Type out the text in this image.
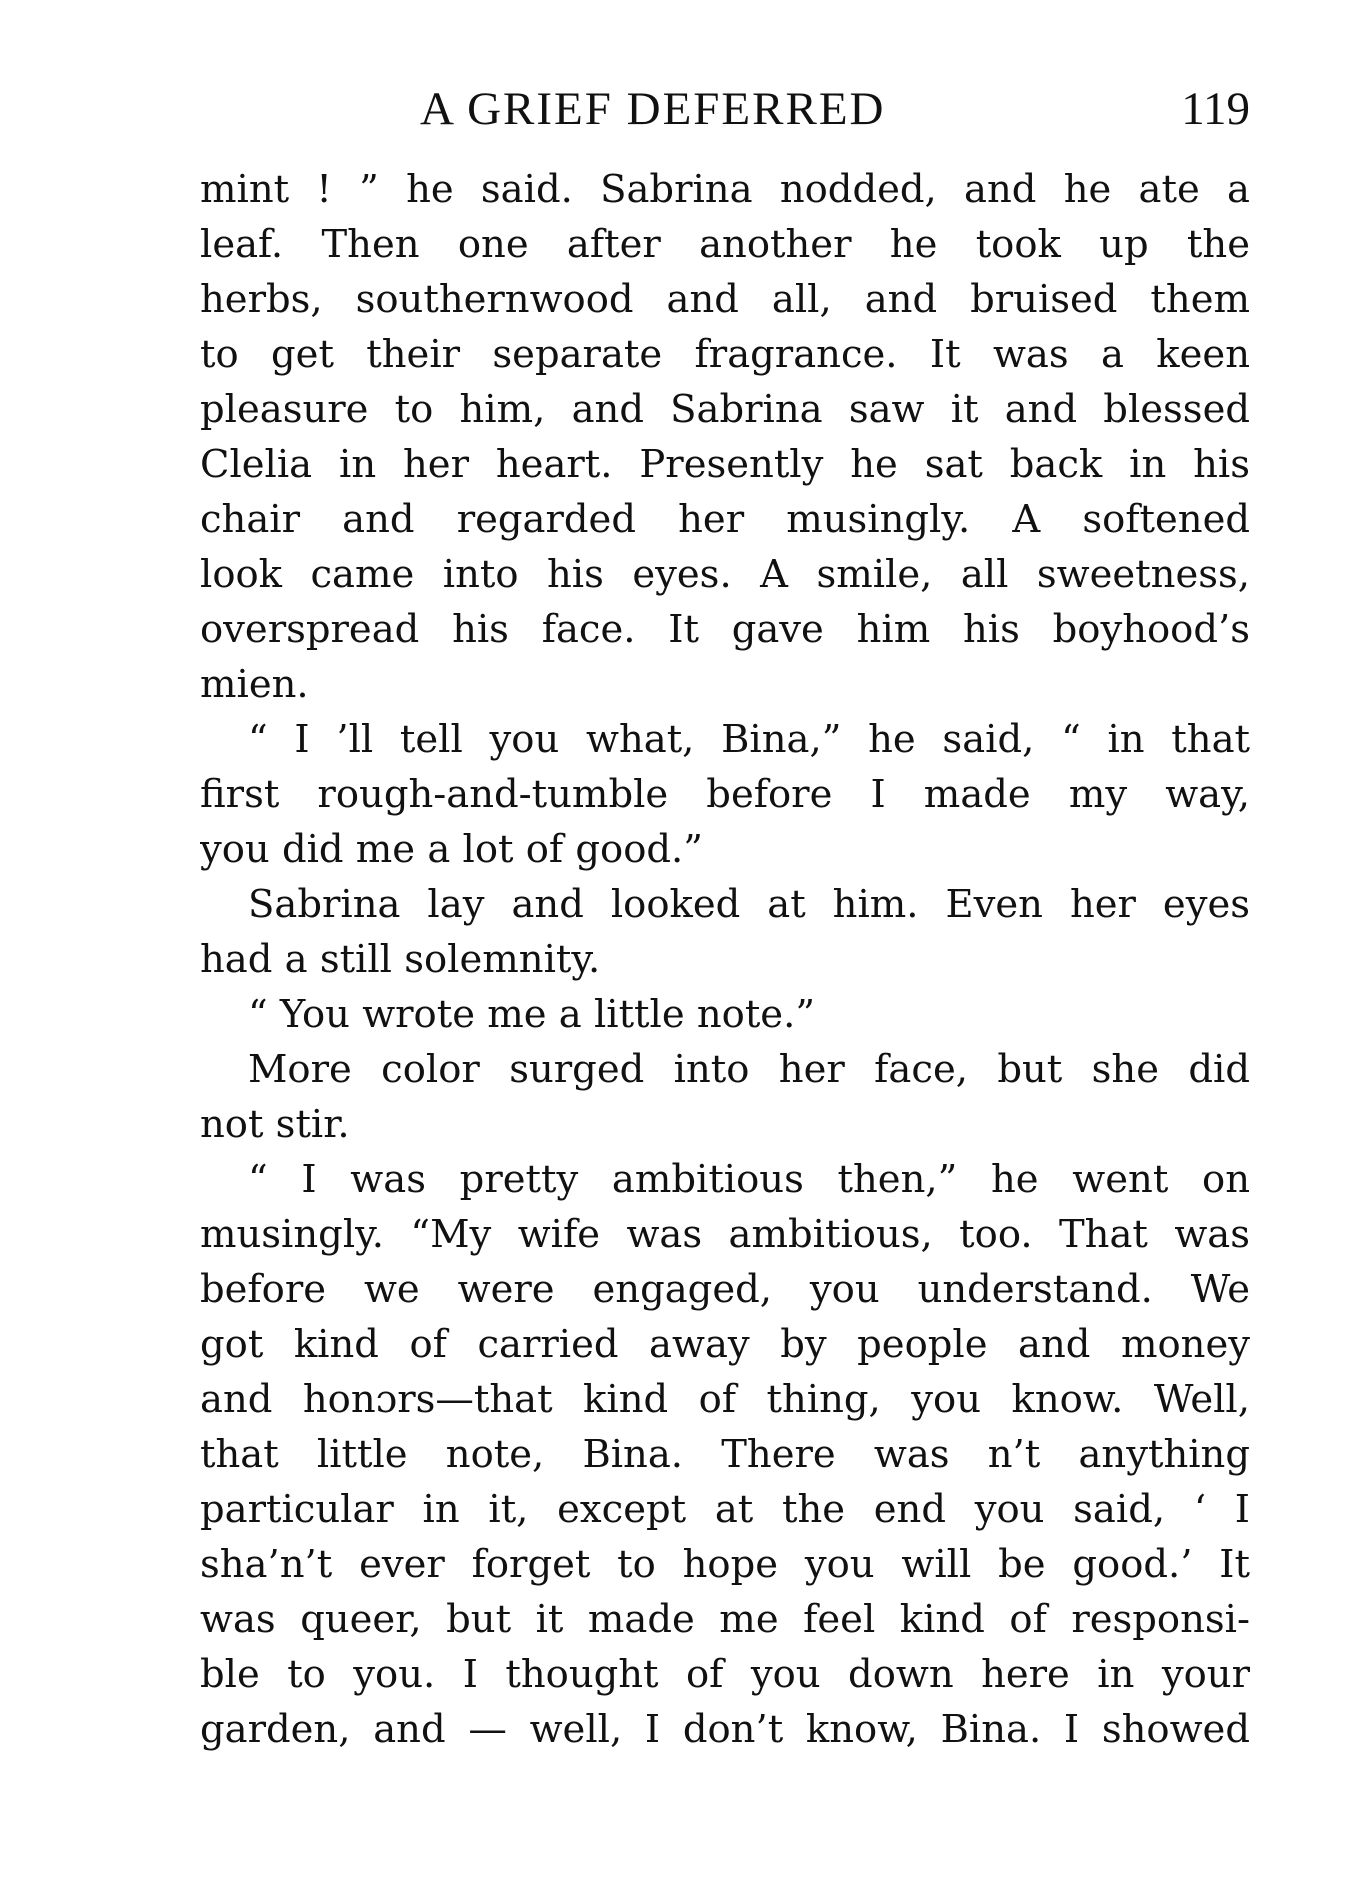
A GRIEF DEFERRED	119
mint ! ” he said. Sabrina nodded, and he ate a
leaf. Then one after another he took up the
herbs, southernwood and all, and bruised them
to get their separate fragrance. It was a keen
pleasure to him, and Sabrina saw it and blessed
Clelia in her heart. Presently he sat back in his
chair and regarded her musingly. A softened
look came into his eyes. A smile, all sweetness,
overspread his face. It gave him his boyhood’s
mien.
“ I ’ll tell you what, Bina,” he said, “ in that
first rough-and-tumble before I made my way,
you did me a lot of good.”
Sabrina lay and looked at him. Even her eyes
had a still solemnity.
“ You wrote me a little note.”
More color surged into her face, but she did
not stir.
“ I was pretty ambitious then,” he went on
musingly. “My wife was ambitious, too. That was
before we were engaged, you understand. We
got kind of carried away by people and money
and honɔrs—that kind of thing, you know. Well,
that little note, Bina. There was n’t anything
particular in it, except at the end you said, ‘ I
sha’n’t ever forget to hope you will be good.’ It
was queer, but it made me feel kind of responsi-
ble to you. I thought of you down here in your
garden, and — well, I don’t know, Bina. I showed
